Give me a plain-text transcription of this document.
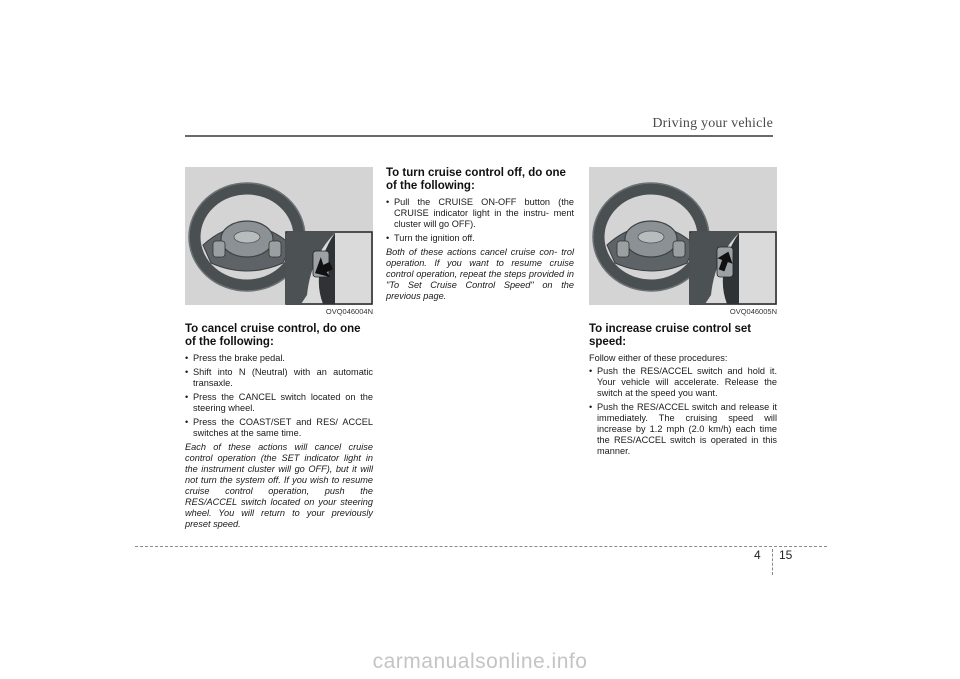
Driving your vehicle
OVQ046004N
To cancel cruise control, do one of the following:
• Press the brake pedal.
• Shift into N (Neutral) with an automatic transaxle.
• Press the CANCEL switch located on the steering wheel.
• Press the COAST/SET and RES/ ACCEL switches at the same time.

Each of these actions will cancel cruise control operation (the SET indicator light in the instrument cluster will go OFF), but it will not turn the system off. If you wish to resume cruise control operation, push the RES/ACCEL switch located on your steering wheel. You will return to your previously preset speed.

To turn cruise control off, do one of the following:
• Pull the CRUISE ON-OFF button (the CRUISE indicator light in the instru- ment cluster will go OFF).
• Turn the ignition off.

Both of these actions cancel cruise con- trol operation. If you want to resume cruise control operation, repeat the steps provided in "To Set Cruise Control Speed" on the previous page.

OVQ046005N
To increase cruise control set speed:

Follow either of these procedures:

• Push the RES/ACCEL switch and hold it. Your vehicle will accelerate. Release the switch at the speed you want.
• Push the RES/ACCEL switch and release it immediately. The cruising speed will increase by 1.2 mph (2.0 km/h) each time the RES/ACCEL switch is operated in this manner.
4 15
carmanualsonline.info
